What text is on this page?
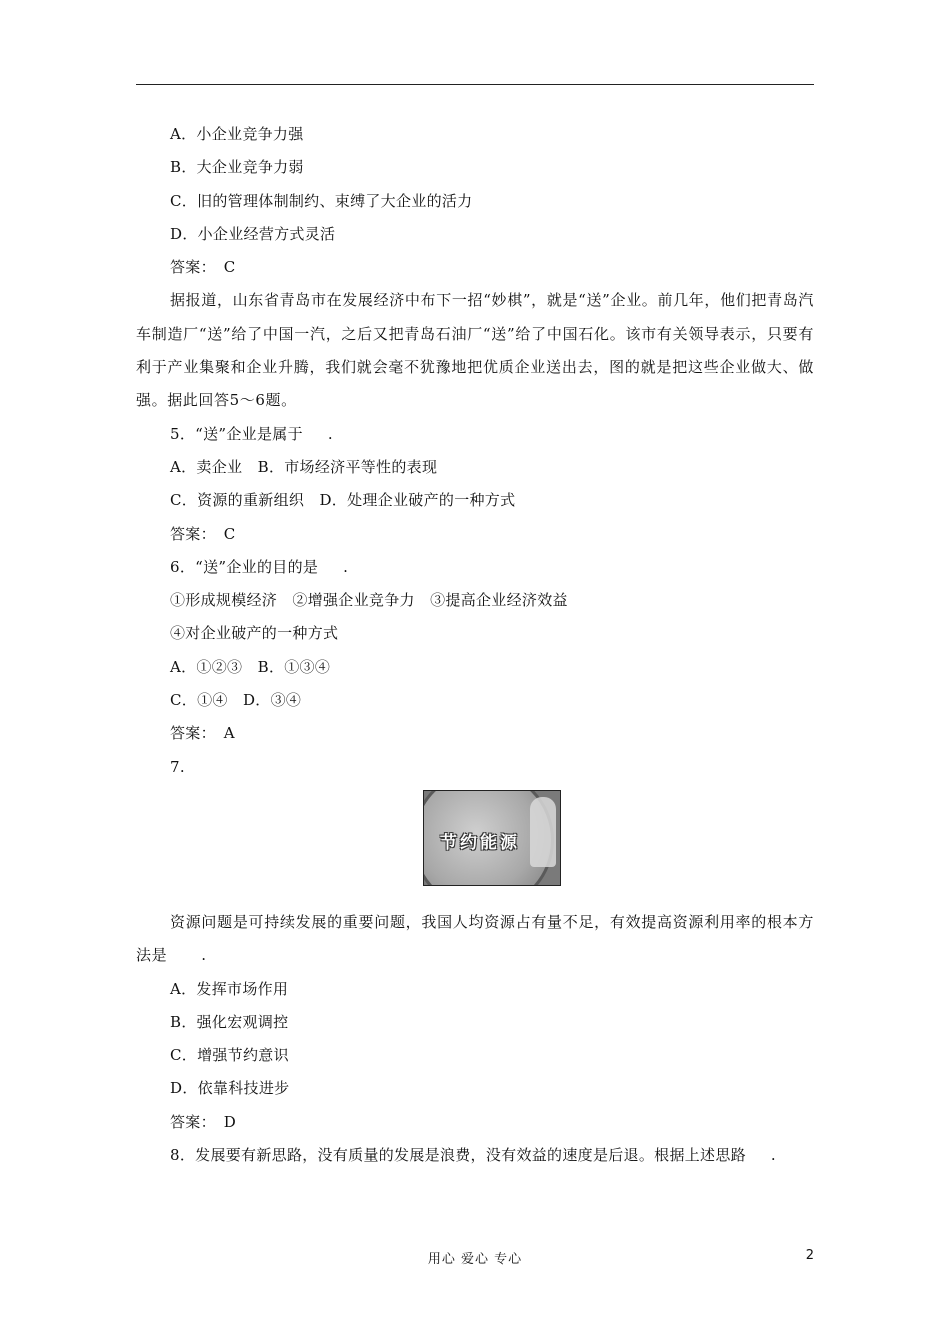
A．小企业竞争力强
B．大企业竞争力弱
C．旧的管理体制制约、束缚了大企业的活力
D．小企业经营方式灵活
答案：　C
据报道，山东省青岛市在发展经济中布下一招“妙棋”，就是“送”企业。前几年，他们把青岛汽车制造厂“送”给了中国一汽，之后又把青岛石油厂“送”给了中国石化。该市有关领导表示，只要有利于产业集聚和企业升腾，我们就会毫不犹豫地把优质企业送出去，图的就是把这些企业做大、做强。据此回答5～6题。
5．“送”企业是属于 .
A．卖企业　B．市场经济平等性的表现
C．资源的重新组织　D．处理企业破产的一种方式
答案：　C
6．“送”企业的目的是 .
①形成规模经济　②增强企业竞争力　③提高企业经济效益
④对企业破产的一种方式
A．①②③　B．①③④
C．①④　D．③④
答案：　A
7.
节约能源
资源问题是可持续发展的重要问题，我国人均资源占有量不足，有效提高资源利用率的根本方法是 .
A．发挥市场作用
B．强化宏观调控
C．增强节约意识
D．依靠科技进步
答案：　D
8．发展要有新思路，没有质量的发展是浪费，没有效益的速度是后退。根据上述思路 .
用心 爱心 专心	2
